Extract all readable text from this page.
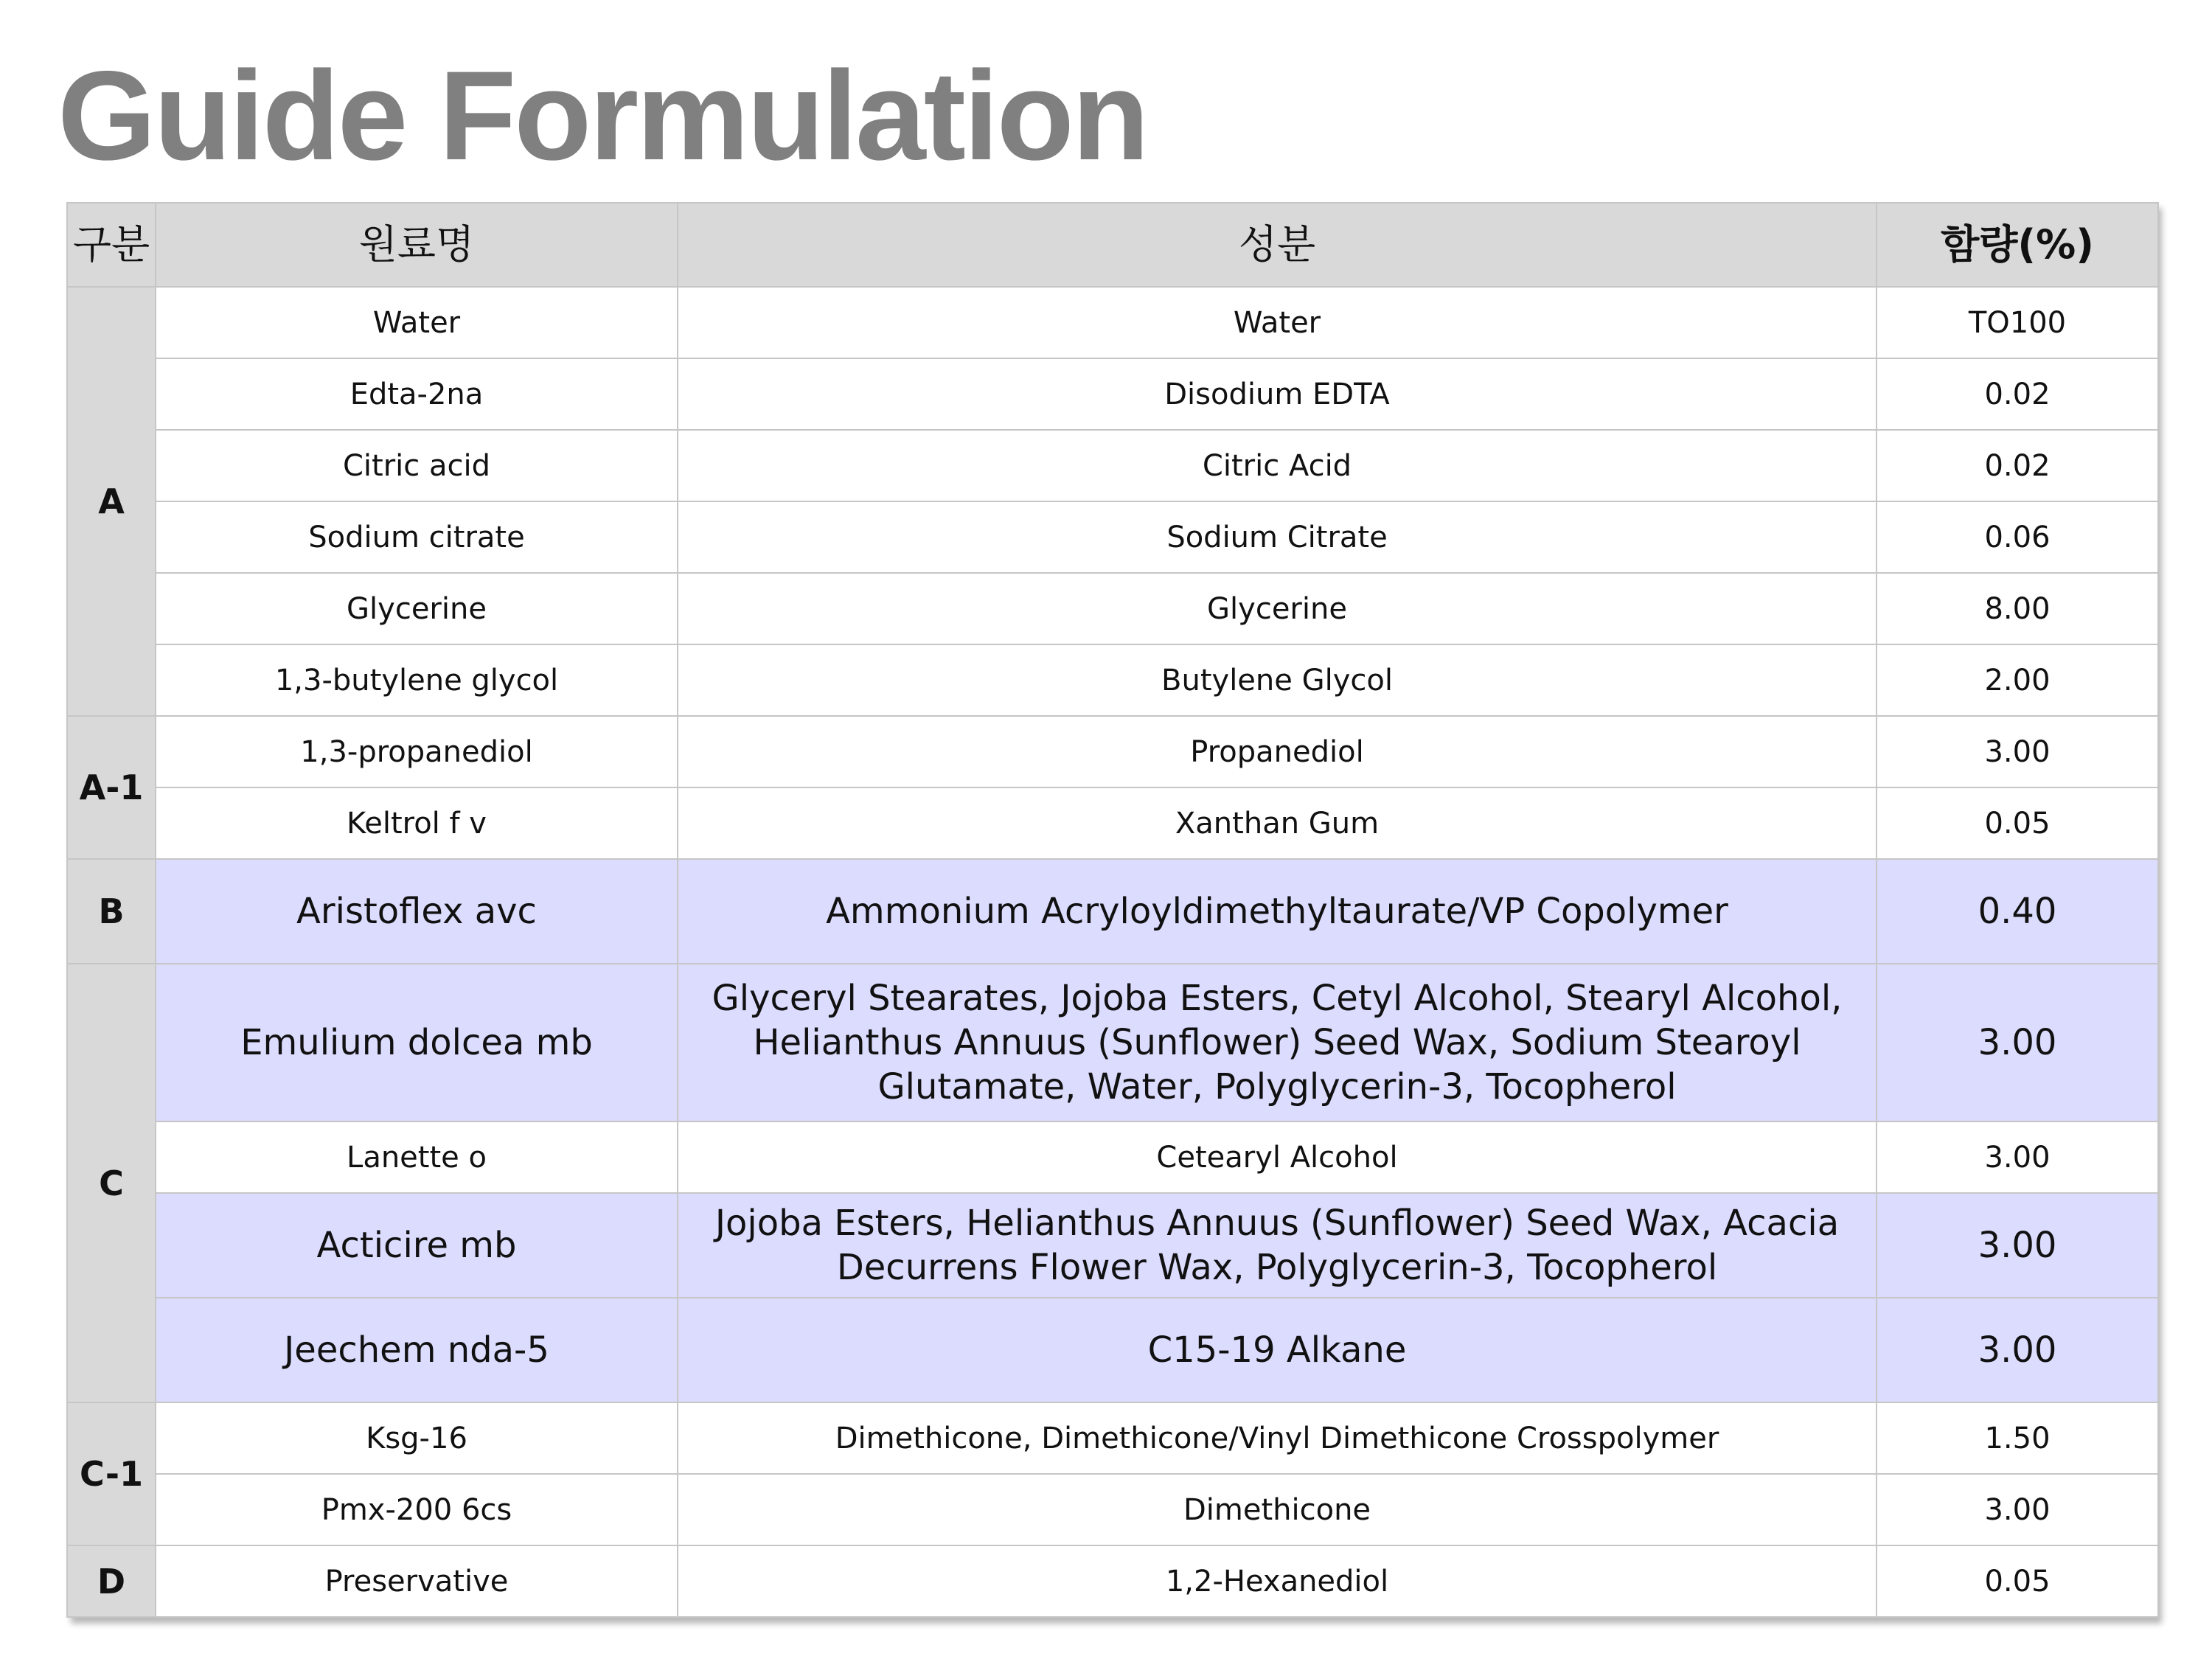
Guide Formulation
구분	원료명	성분	함량(%)
A	Water	Water	TO100
	Edta-2na	Disodium EDTA	0.02
	Citric acid	Citric Acid	0.02
	Sodium citrate	Sodium Citrate	0.06
	Glycerine	Glycerine	8.00
	1,3-butylene glycol	Butylene Glycol	2.00
A-1	1,3-propanediol	Propanediol	3.00
	Keltrol f v	Xanthan Gum	0.05
B	Aristoflex avc	Ammonium Acryloyldimethyltaurate/VP Copolymer	0.40
C	Emulium dolcea mb	Glyceryl Stearates, Jojoba Esters, Cetyl Alcohol, Stearyl Alcohol, Helianthus Annuus (Sunflower) Seed Wax, Sodium Stearoyl Glutamate, Water, Polyglycerin-3, Tocopherol	3.00
	Lanette o	Cetearyl Alcohol	3.00
	Acticire mb	Jojoba Esters, Helianthus Annuus (Sunflower) Seed Wax, Acacia Decurrens Flower Wax, Polyglycerin-3, Tocopherol	3.00
	Jeechem nda-5	C15-19 Alkane	3.00
C-1	Ksg-16	Dimethicone, Dimethicone/Vinyl Dimethicone Crosspolymer	1.50
	Pmx-200 6cs	Dimethicone	3.00
D	Preservative	1,2-Hexanediol	0.05
